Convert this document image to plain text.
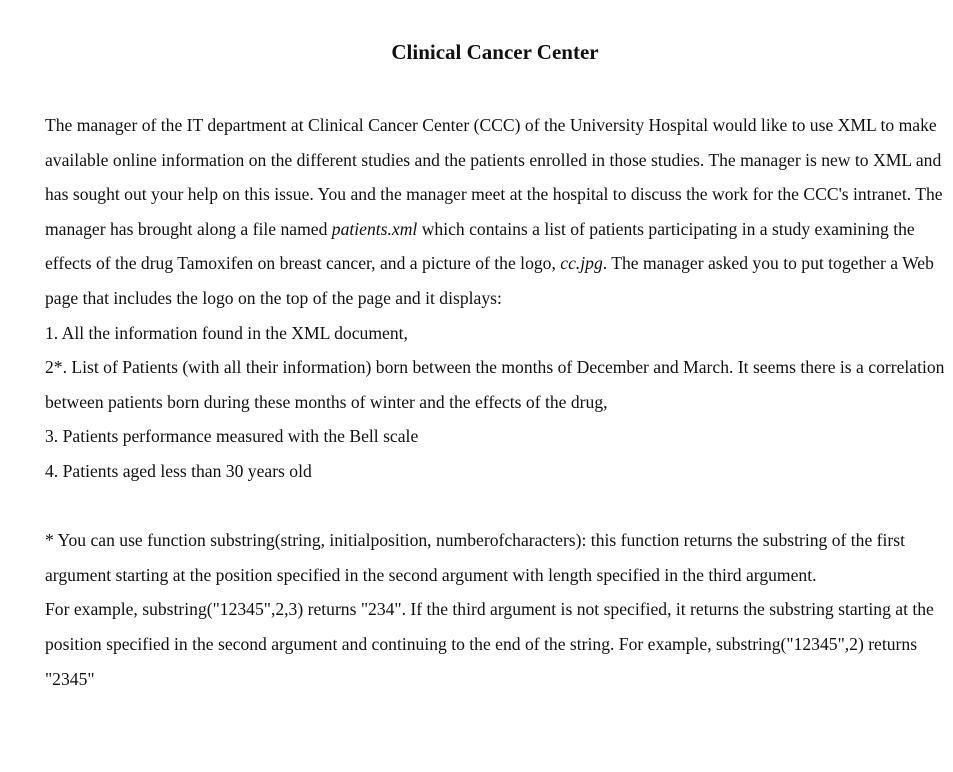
Clinical Cancer Center

The manager of the IT department at Clinical Cancer Center (CCC) of the University Hospital would like to use XML to make available online information on the different studies and the patients enrolled in those studies. The manager is new to XML and has sought out your help on this issue. You and the manager meet at the hospital to discuss the work for the CCC's intranet. The manager has brought along a file named patients.xml which contains a list of patients participating in a study examining the effects of the drug Tamoxifen on breast cancer, and a picture of the logo, cc.jpg. The manager asked you to put together a Web page that includes the logo on the top of the page and it displays:

1. All the information found in the XML document,

2*. List of Patients (with all their information) born between the months of December and March. It seems there is a correlation between patients born during these months of winter and the effects of the drug,

3. Patients performance measured with the Bell scale

4. Patients aged less than 30 years old

* You can use function substring(string, initialposition, numberofcharacters): this function returns the substring of the first argument starting at the position specified in the second argument with length specified in the third argument.

For example, substring("12345",2,3) returns "234". If the third argument is not specified, it returns the substring starting at the position specified in the second argument and continuing to the end of the string. For example, substring("12345",2) returns "2345"
